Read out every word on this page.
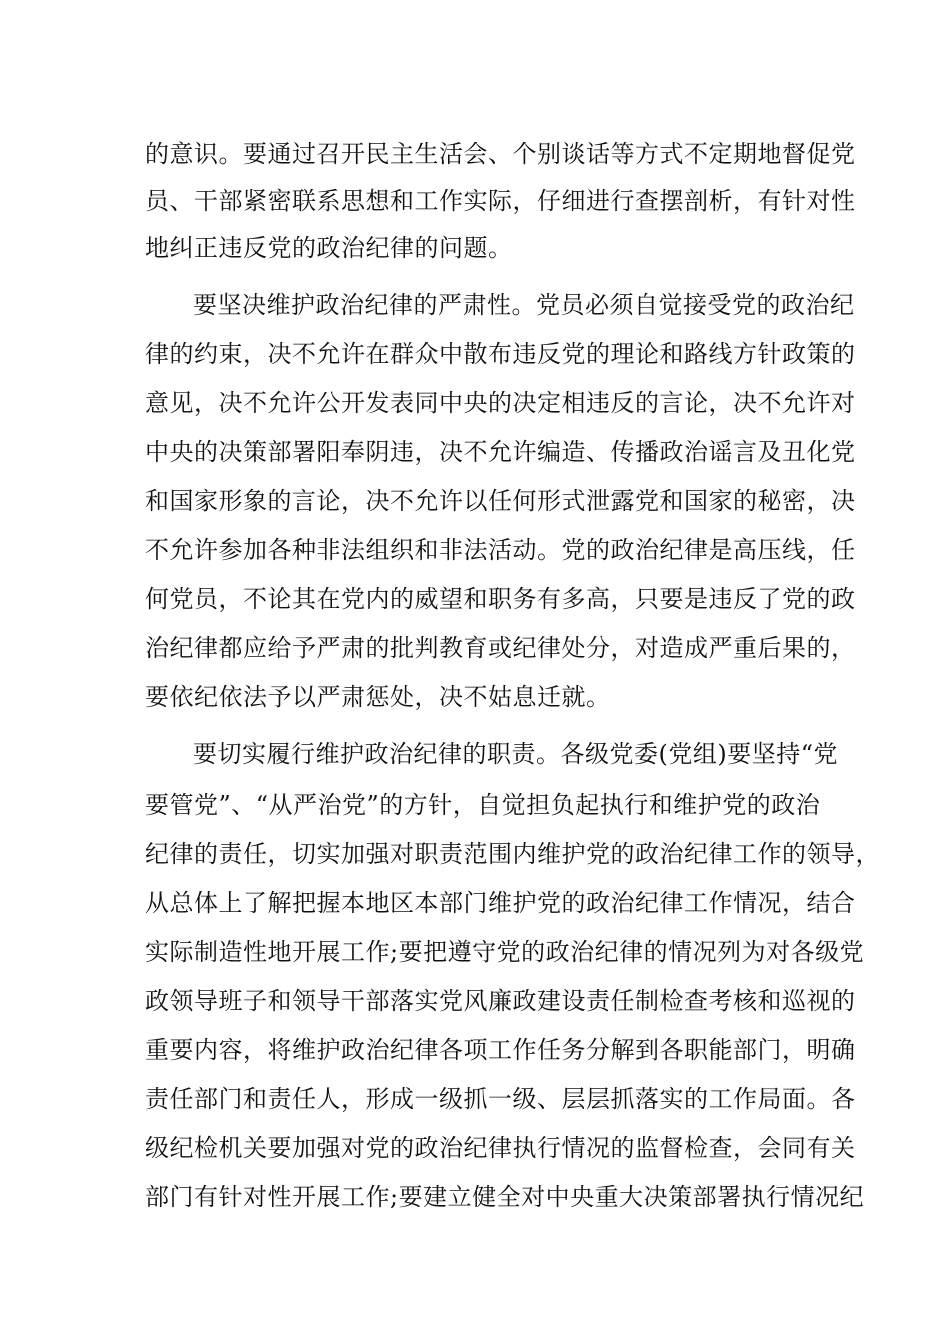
的意识。要通过召开民主生活会、个别谈话等方式不定期地督促党
员、干部紧密联系思想和工作实际，仔细进行查摆剖析，有针对性
地纠正违反党的政治纪律的问题。
要坚决维护政治纪律的严肃性。党员必须自觉接受党的政治纪
律的约束，决不允许在群众中散布违反党的理论和路线方针政策的
意见，决不允许公开发表同中央的决定相违反的言论，决不允许对
中央的决策部署阳奉阴违，决不允许编造、传播政治谣言及丑化党
和国家形象的言论，决不允许以任何形式泄露党和国家的秘密，决
不允许参加各种非法组织和非法活动。党的政治纪律是高压线，任
何党员，不论其在党内的威望和职务有多高，只要是违反了党的政
治纪律都应给予严肃的批判教育或纪律处分，对造成严重后果的，
要依纪依法予以严肃惩处，决不姑息迁就。
要切实履行维护政治纪律的职责。各级党委(党组)要坚持“党
要管党”、“从严治党”的方针，自觉担负起执行和维护党的政治
纪律的责任，切实加强对职责范围内维护党的政治纪律工作的领导，
从总体上了解把握本地区本部门维护党的政治纪律工作情况，结合
实际制造性地开展工作;要把遵守党的政治纪律的情况列为对各级党
政领导班子和领导干部落实党风廉政建设责任制检查考核和巡视的
重要内容，将维护政治纪律各项工作任务分解到各职能部门，明确
责任部门和责任人，形成一级抓一级、层层抓落实的工作局面。各
级纪检机关要加强对党的政治纪律执行情况的监督检查，会同有关
部门有针对性开展工作;要建立健全对中央重大决策部署执行情况纪
